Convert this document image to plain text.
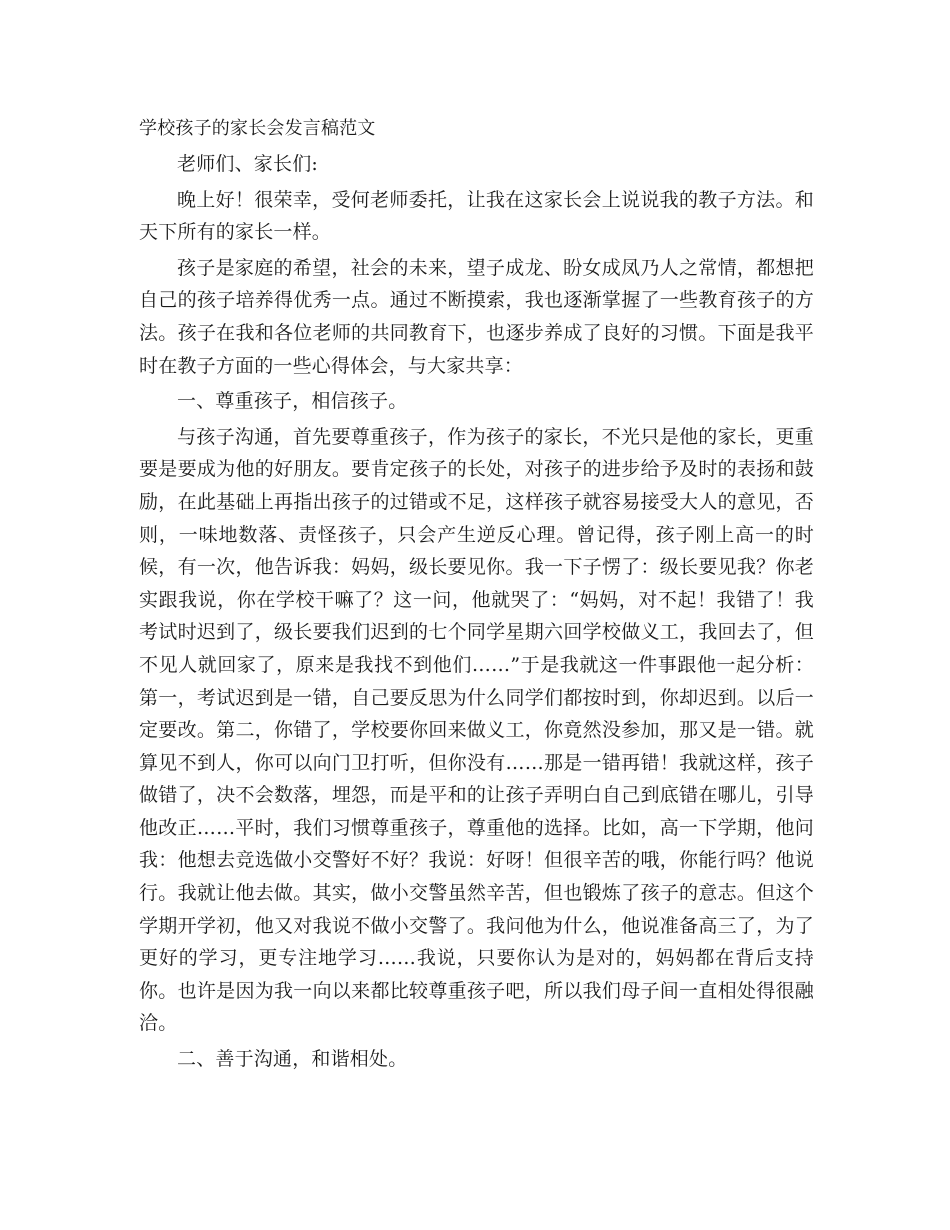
学校孩子的家长会发言稿范文

老师们、家长们:

晚上好！很荣幸，受何老师委托，让我在这家长会上说说我的教子方法。和天下所有的家长一样。

孩子是家庭的希望，社会的未来，望子成龙、盼女成凤乃人之常情，都想把自己的孩子培养得优秀一点。通过不断摸索，我也逐渐掌握了一些教育孩子的方法。孩子在我和各位老师的共同教育下，也逐步养成了良好的习惯。下面是我平时在教子方面的一些心得体会，与大家共享：

一、尊重孩子，相信孩子。

与孩子沟通，首先要尊重孩子，作为孩子的家长，不光只是他的家长，更重要是要成为他的好朋友。要肯定孩子的长处，对孩子的进步给予及时的表扬和鼓励，在此基础上再指出孩子的过错或不足，这样孩子就容易接受大人的意见，否则，一味地数落、责怪孩子，只会产生逆反心理。曾记得，孩子刚上高一的时候，有一次，他告诉我：妈妈，级长要见你。我一下子愣了：级长要见我？你老实跟我说，你在学校干嘛了？这一问，他就哭了：“妈妈，对不起！我错了！我考试时迟到了，级长要我们迟到的七个同学星期六回学校做义工，我回去了，但不见人就回家了，原来是我找不到他们……”于是我就这一件事跟他一起分析：第一，考试迟到是一错，自己要反思为什么同学们都按时到，你却迟到。以后一定要改。第二，你错了，学校要你回来做义工，你竟然没参加，那又是一错。就算见不到人，你可以向门卫打听，但你没有……那是一错再错！我就这样，孩子做错了，决不会数落，埋怨，而是平和的让孩子弄明白自己到底错在哪儿，引导他改正……平时，我们习惯尊重孩子，尊重他的选择。比如，高一下学期，他问我：他想去竞选做小交警好不好？我说：好呀！但很辛苦的哦，你能行吗？他说行。我就让他去做。其实，做小交警虽然辛苦，但也锻炼了孩子的意志。但这个学期开学初，他又对我说不做小交警了。我问他为什么，他说准备高三了，为了更好的学习，更专注地学习……我说，只要你认为是对的，妈妈都在背后支持你。也许是因为我一向以来都比较尊重孩子吧，所以我们母子间一直相处得很融洽。

二、善于沟通，和谐相处。
